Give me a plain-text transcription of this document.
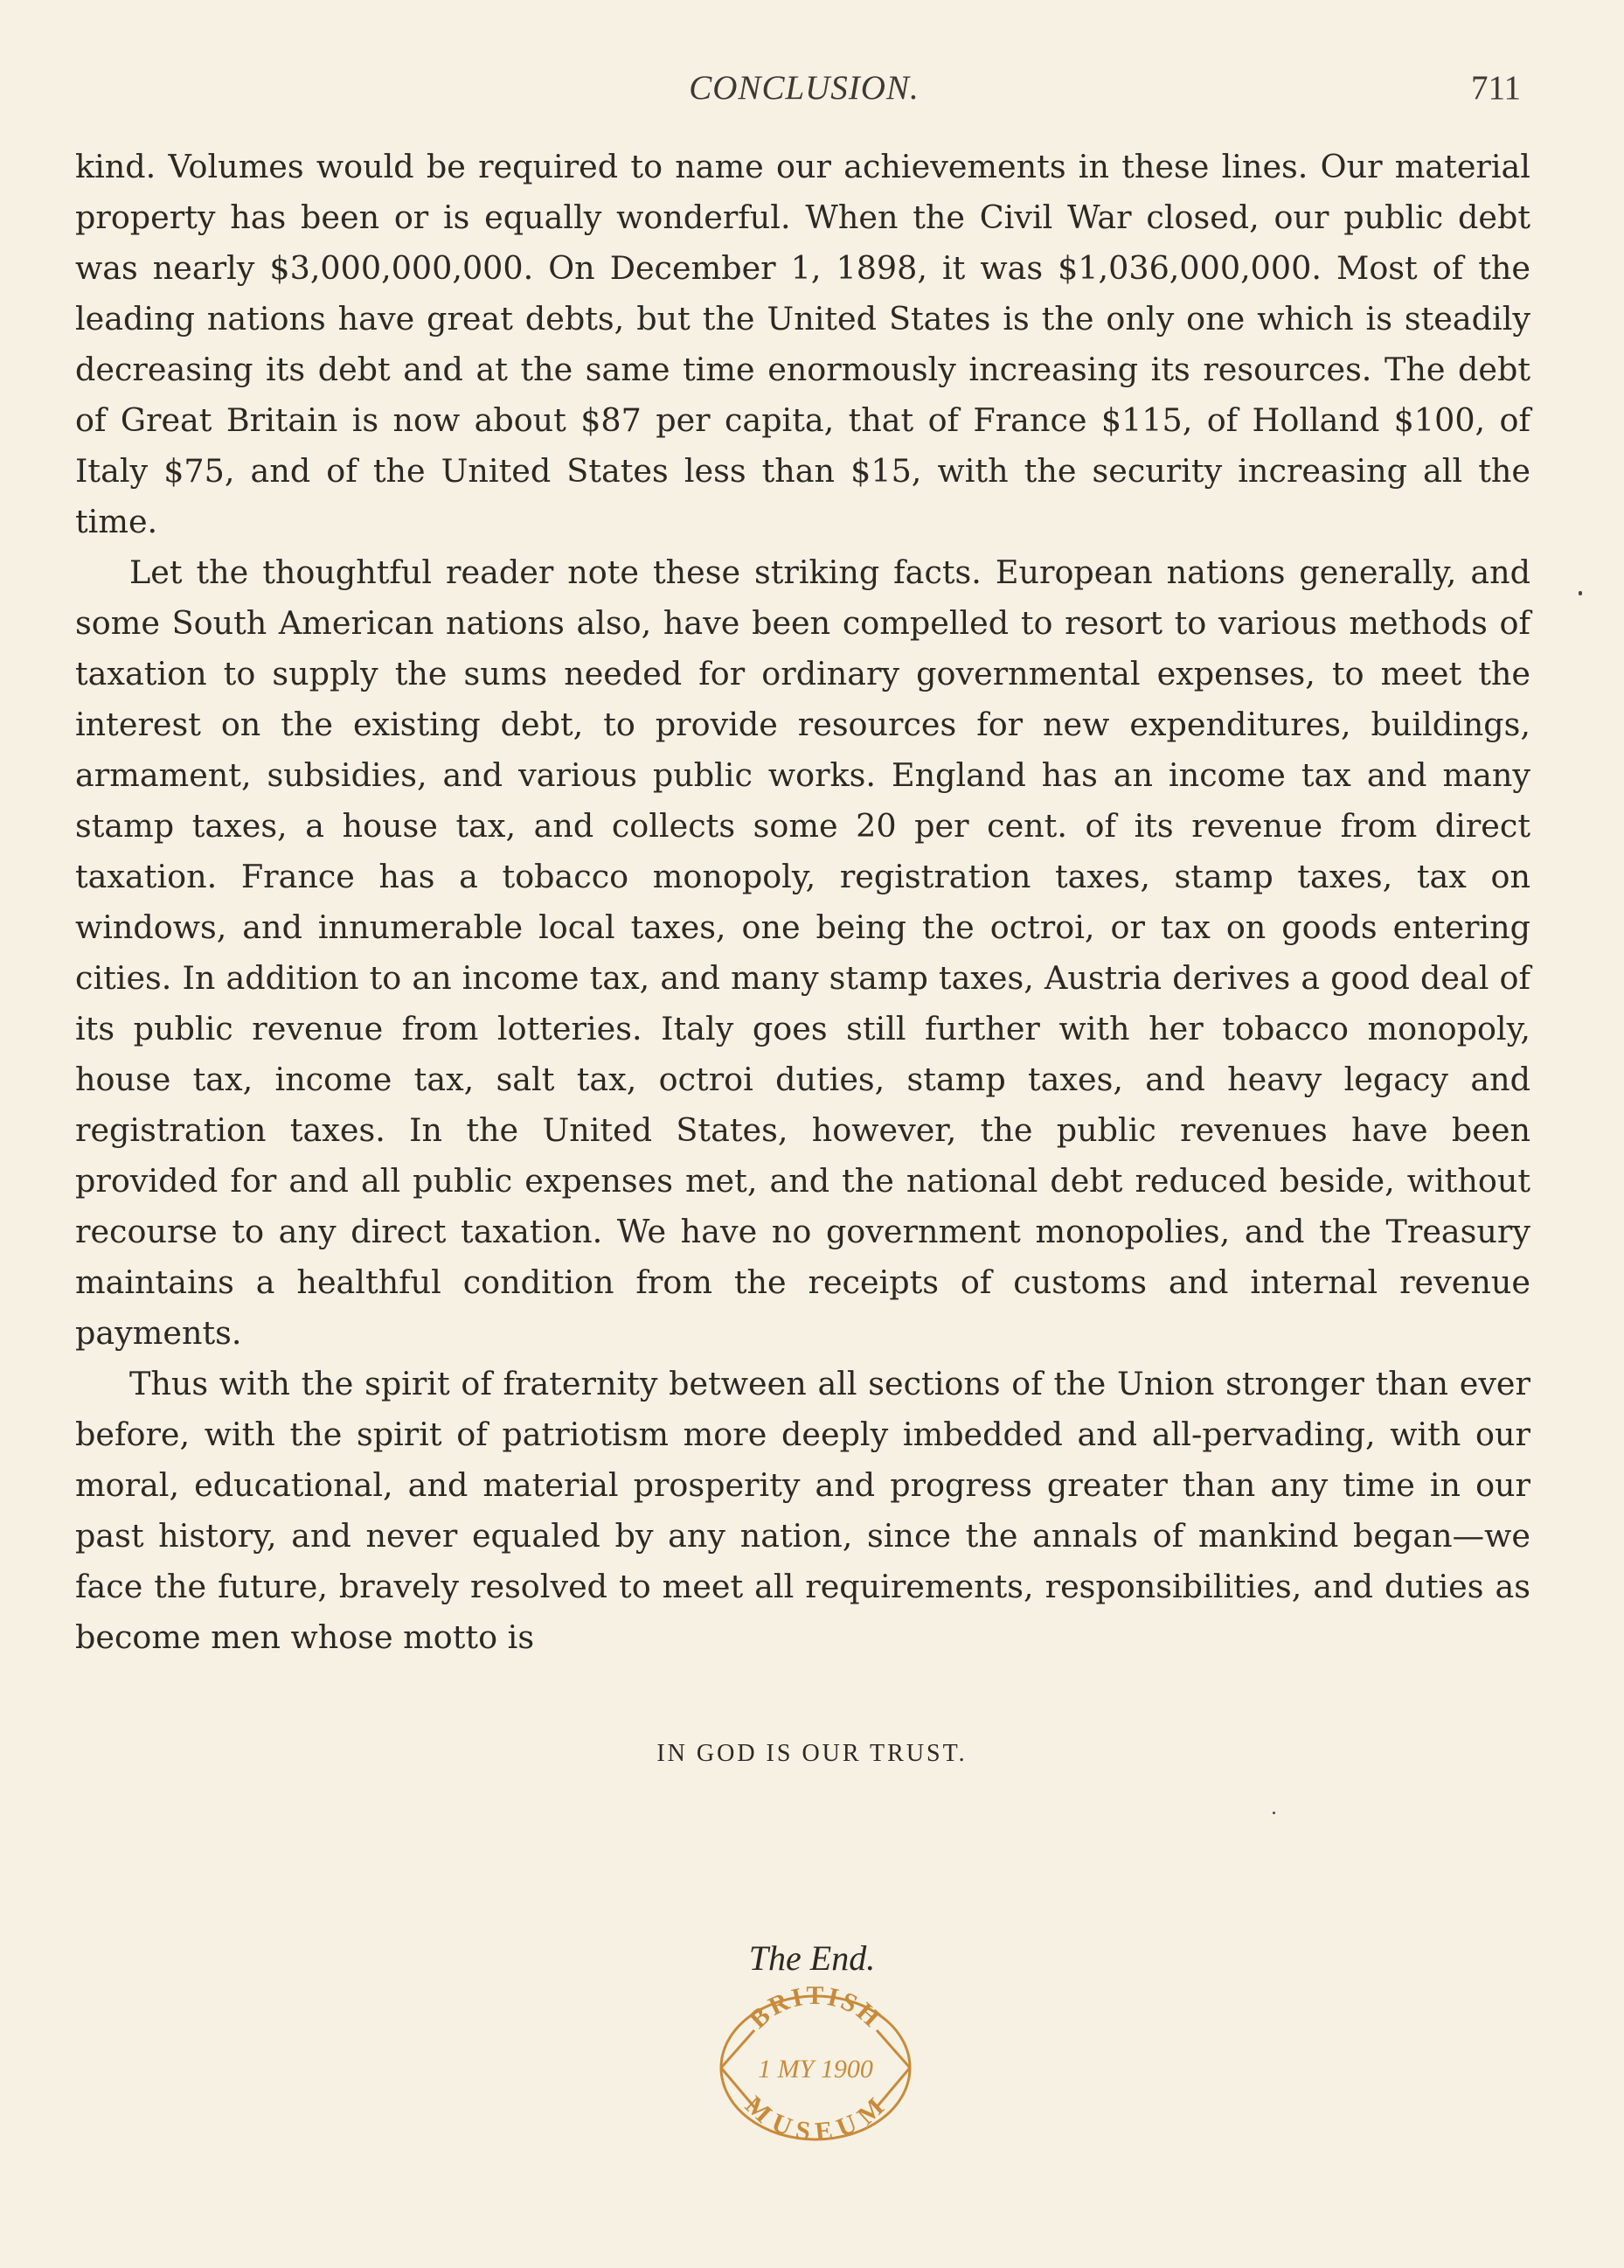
CONCLUSION.	711

kind. Volumes would be required to name our achievements in these lines. Our material property has been or is equally wonderful. When the Civil War closed, our public debt was nearly $3,000,000,000. On December 1, 1898, it was $1,036,000,000. Most of the leading nations have great debts, but the United States is the only one which is steadily decreasing its debt and at the same time enormously increasing its resources. The debt of Great Britain is now about $87 per capita, that of France $115, of Holland $100, of Italy $75, and of the United States less than $15, with the security increasing all the time.

Let the thoughtful reader note these striking facts. European nations generally, and some South American nations also, have been compelled to resort to various methods of taxation to supply the sums needed for ordinary governmental expenses, to meet the interest on the existing debt, to provide resources for new expenditures, buildings, armament, subsidies, and various public works. England has an income tax and many stamp taxes, a house tax, and collects some 20 per cent. of its revenue from direct taxation. France has a tobacco monopoly, registration taxes, stamp taxes, tax on windows, and innumerable local taxes, one being the octroi, or tax on goods entering cities. In addition to an income tax, and many stamp taxes, Austria derives a good deal of its public revenue from lotteries. Italy goes still further with her tobacco monopoly, house tax, income tax, salt tax, octroi duties, stamp taxes, and heavy legacy and registration taxes. In the United States, however, the public revenues have been provided for and all public expenses met, and the national debt reduced beside, without recourse to any direct taxation. We have no government monopolies, and the Treasury maintains a healthful condition from the receipts of customs and internal revenue payments.

Thus with the spirit of fraternity between all sections of the Union stronger than ever before, with the spirit of patriotism more deeply imbedded and all-pervading, with our moral, educational, and material prosperity and progress greater than any time in our past history, and never equaled by any nation, since the annals of mankind began—we face the future, bravely resolved to meet all requirements, responsibilities, and duties as become men whose motto is

IN GOD IS OUR TRUST.
The End.
BRITISH
1 MY 1900
MUSEUM
